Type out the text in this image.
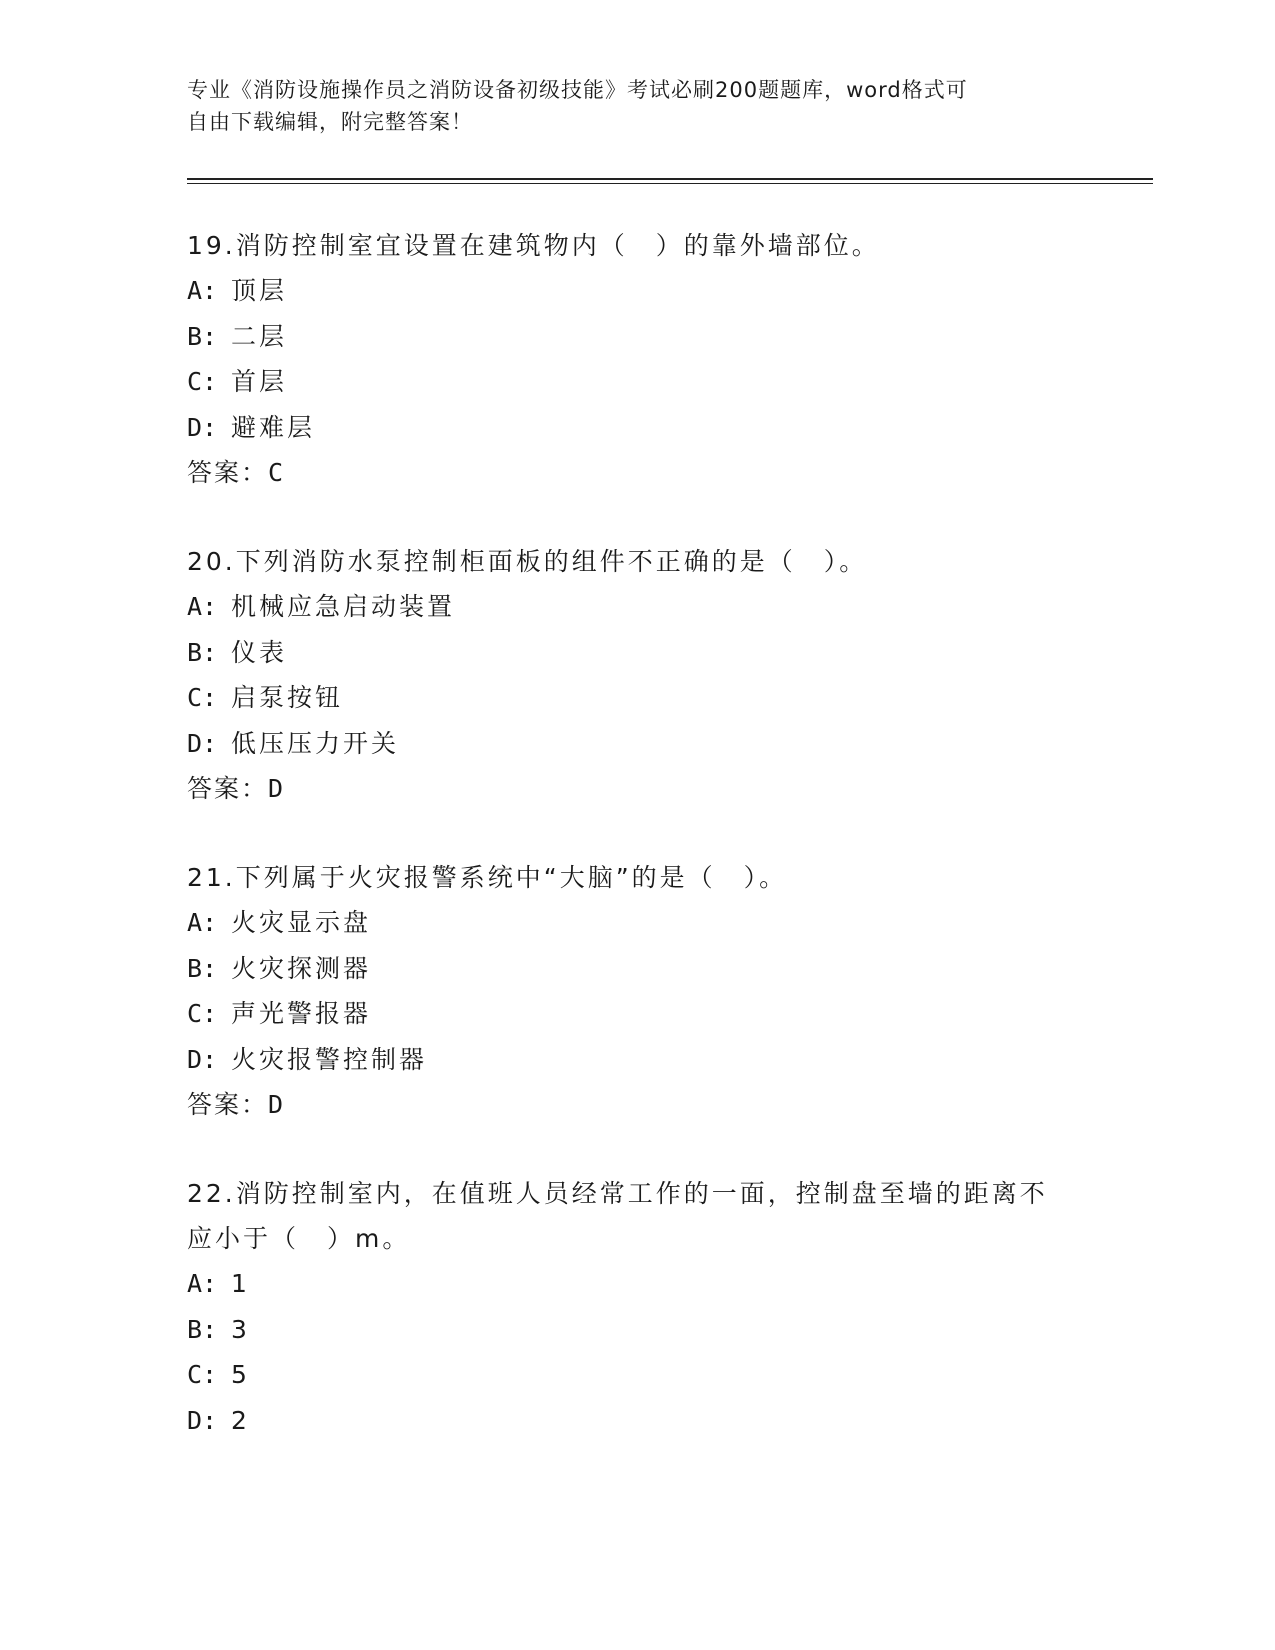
专业《消防设施操作员之消防设备初级技能》考试必刷200题题库，word格式可
自由下载编辑，附完整答案！
19.消防控制室宜设置在建筑物内（　）的靠外墙部位。
A: 顶层
B: 二层
C: 首层
D: 避难层
答案：C
20.下列消防水泵控制柜面板的组件不正确的是（　）。
A: 机械应急启动装置
B: 仪表
C: 启泵按钮
D: 低压压力开关
答案：D
21.下列属于火灾报警系统中“大脑”的是（　）。
A: 火灾显示盘
B: 火灾探测器
C: 声光警报器
D: 火灾报警控制器
答案：D
22.消防控制室内，在值班人员经常工作的一面，控制盘至墙的距离不
应小于（　）m。
A: 1
B: 3
C: 5
D: 2
